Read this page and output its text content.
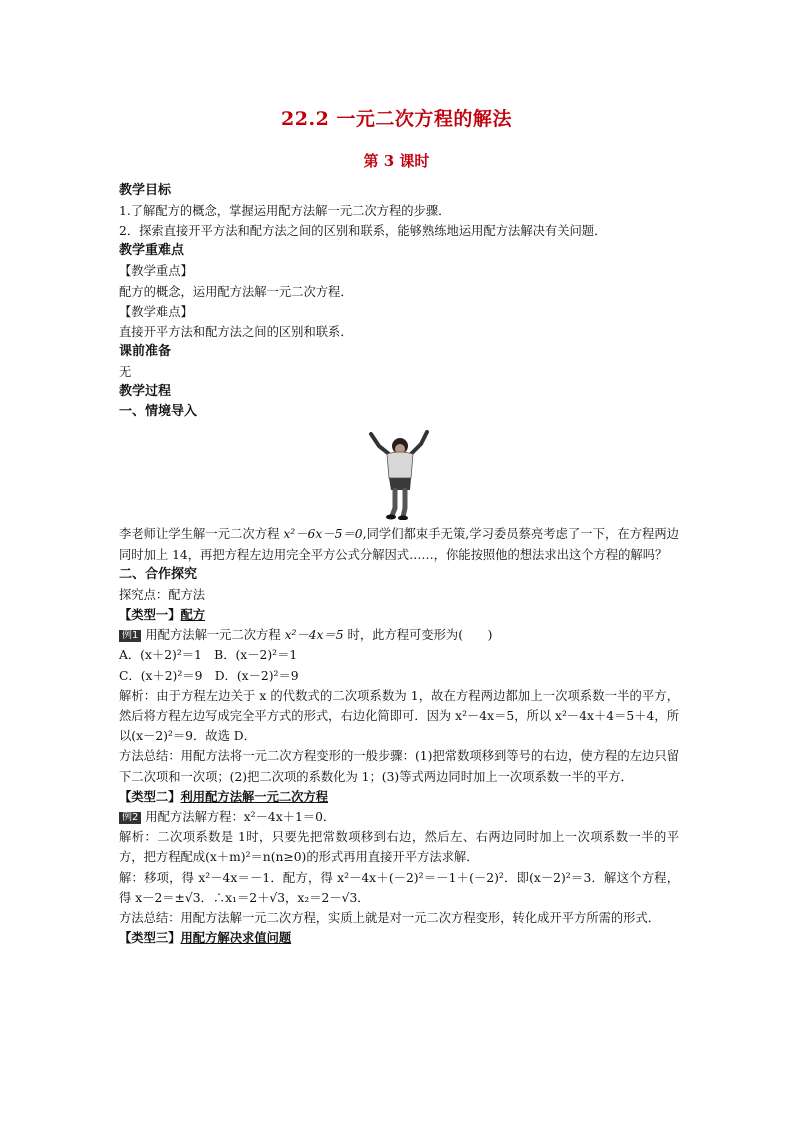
22.2 一元二次方程的解法
第 3 课时
教学目标
1.了解配方的概念，掌握运用配方法解一元二次方程的步骤．
2．探索直接开平方法和配方法之间的区别和联系，能够熟练地运用配方法解决有关问题．
教学重难点
【教学重点】
配方的概念，运用配方法解一元二次方程．
【教学难点】
直接开平方法和配方法之间的区别和联系．
课前准备
无
教学过程
一、情境导入
李老师让学生解一元二次方程 x²－6x－5＝0,同学们都束手无策,学习委员蔡亮考虑了一下，在方程两边同时加上 14，再把方程左边用完全平方公式分解因式……，你能按照他的想法求出这个方程的解吗？
二、合作探究
探究点：配方法
【类型一】配方
例1 用配方法解一元二次方程 x²－4x＝5 时，此方程可变形为(　　)
A．(x＋2)²＝1　B．(x－2)²＝1
C．(x＋2)²＝9　D．(x－2)²＝9
解析：由于方程左边关于 x 的代数式的二次项系数为 1，故在方程两边都加上一次项系数一半的平方，然后将方程左边写成完全平方式的形式，右边化简即可．因为 x²－4x＝5，所以 x²－4x＋4＝5＋4，所以(x－2)²＝9．故选 D．
方法总结：用配方法将一元二次方程变形的一般步骤：(1)把常数项移到等号的右边，使方程的左边只留下二次项和一次项；(2)把二次项的系数化为 1；(3)等式两边同时加上一次项系数一半的平方．
【类型二】利用配方法解一元二次方程
例2 用配方法解方程：x²－4x＋1＝0．
解析：二次项系数是 1时，只要先把常数项移到右边，然后左、右两边同时加上一次项系数一半的平方，把方程配成(x＋m)²＝n(n≥0)的形式再用直接开平方法求解．
解：移项，得 x²－4x＝－1．配方，得 x²－4x＋(－2)²＝－1＋(－2)²．即(x－2)²＝3．解这个方程，得 x－2＝±√3．∴x₁＝2＋√3，x₂＝2－√3．
方法总结：用配方法解一元二次方程，实质上就是对一元二次方程变形，转化成开平方所需的形式．
【类型三】用配方解决求值问题
